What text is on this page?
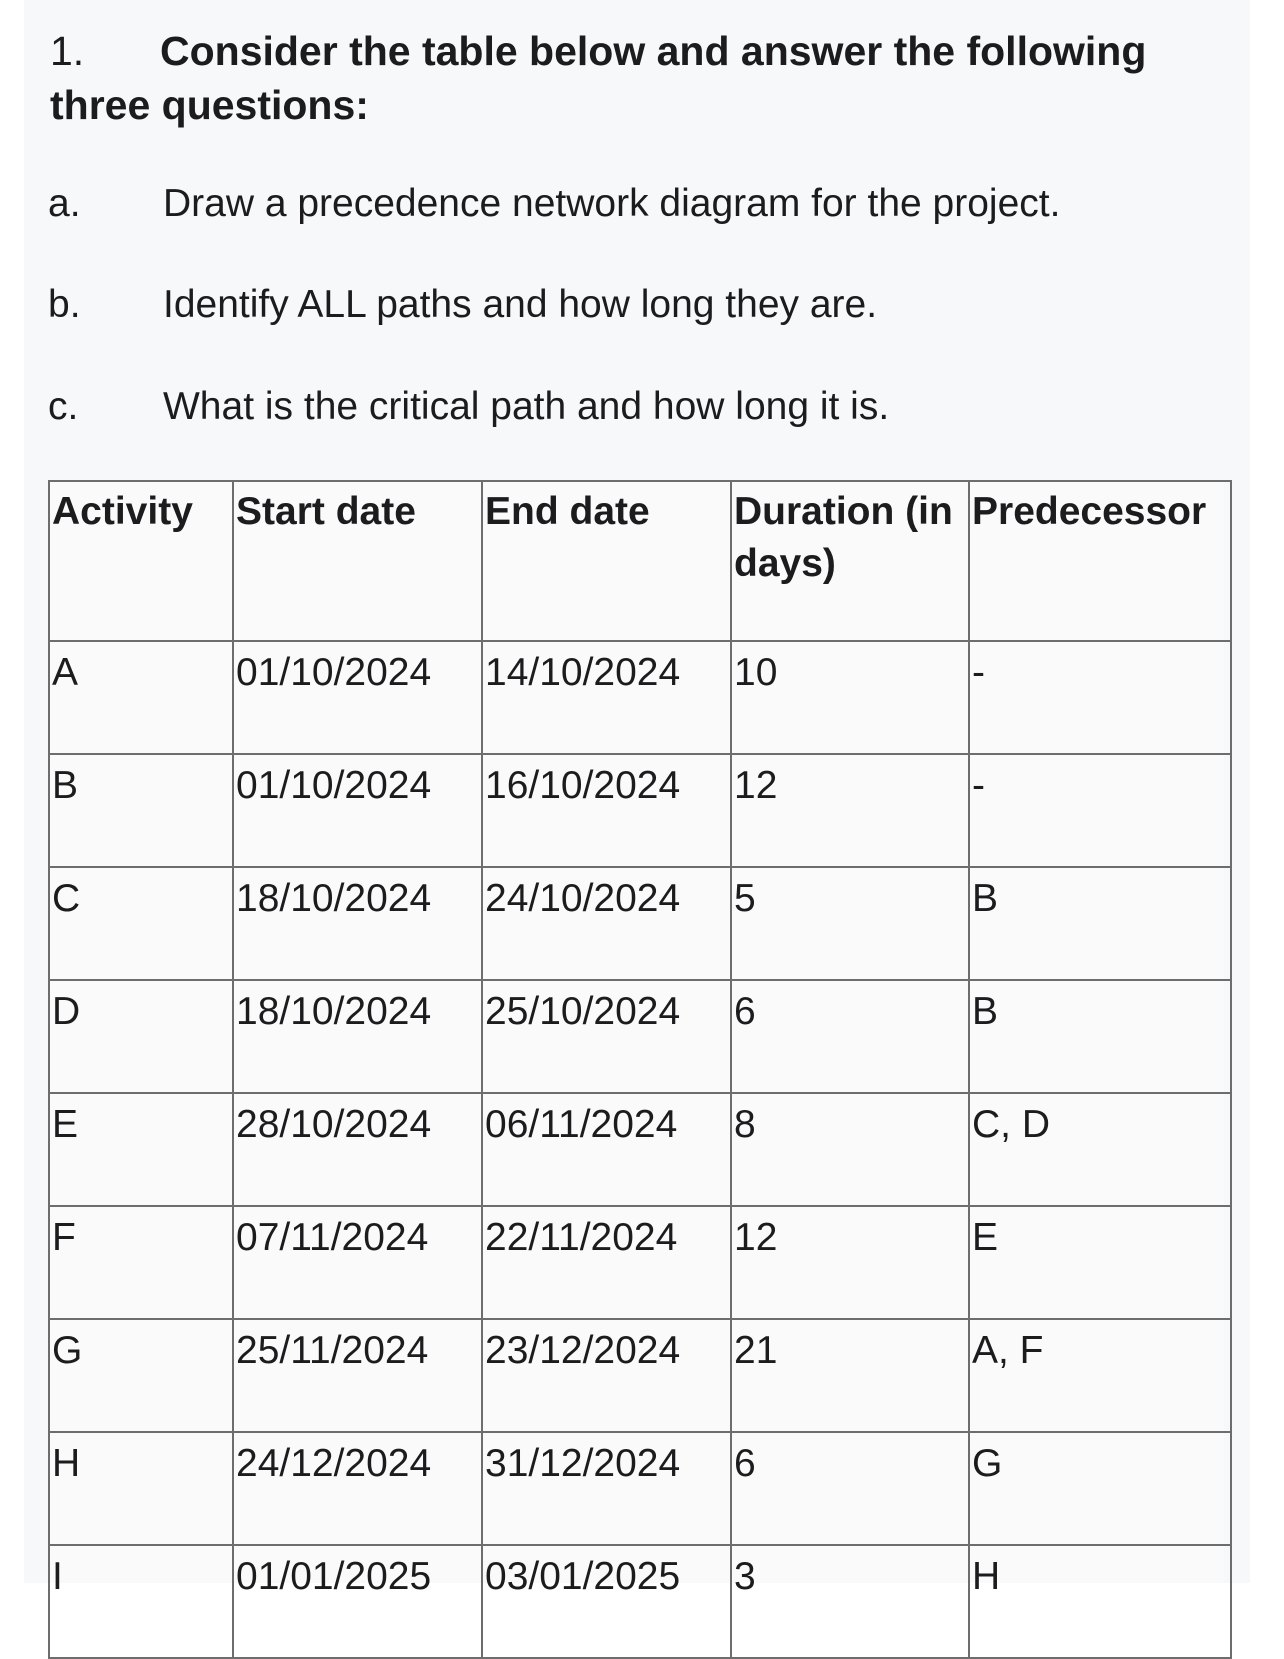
1. Consider the table below and answer the following three questions:
a.	Draw a precedence network diagram for the project.
b.	Identify ALL paths and how long they are.
c.	What is the critical path and how long it is.
Activity	Start date	End date	Duration (in days)	Predecessor
A	01/10/2024	14/10/2024	10	-
B	01/10/2024	16/10/2024	12	-
C	18/10/2024	24/10/2024	5	B
D	18/10/2024	25/10/2024	6	B
E	28/10/2024	06/11/2024	8	C, D
F	07/11/2024	22/11/2024	12	E
G	25/11/2024	23/12/2024	21	A, F
H	24/12/2024	31/12/2024	6	G
I	01/01/2025	03/01/2025	3	H
